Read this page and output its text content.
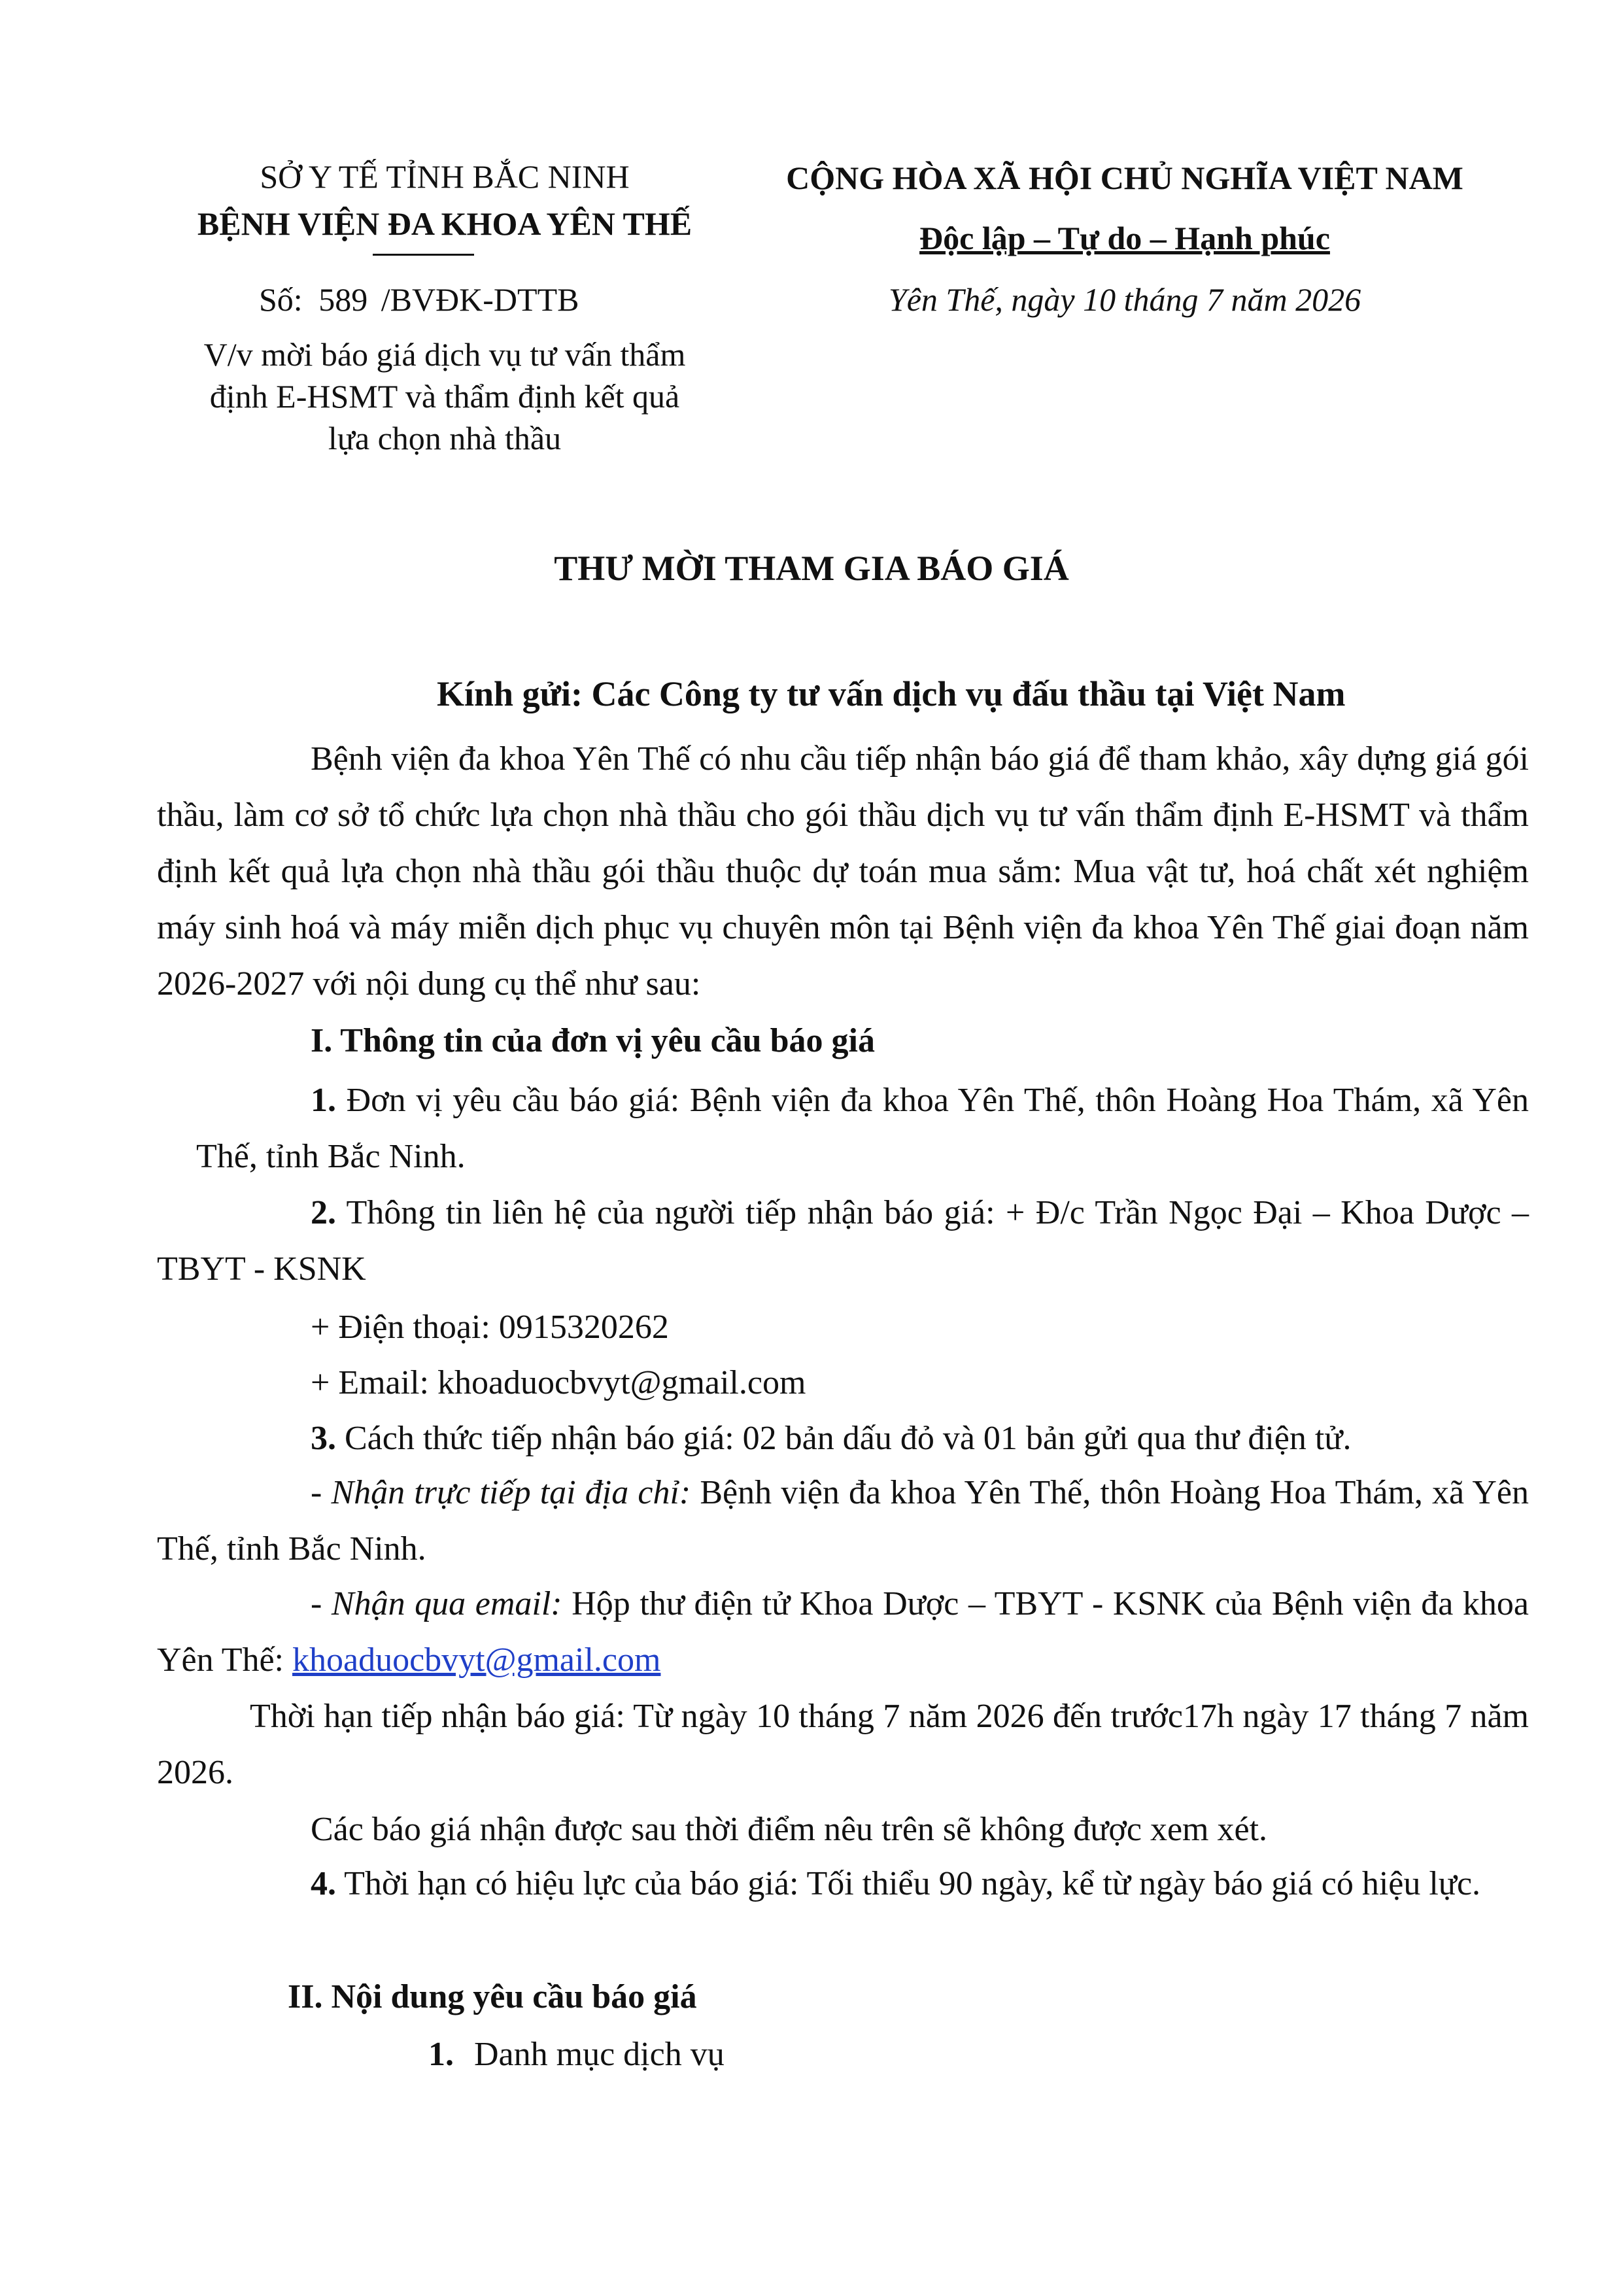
SỞ Y TẾ TỈNH BẮC NINH
BỆNH VIỆN ĐA KHOA YÊN THẾ
Số: 589 /BVĐK-DTTB
V/v mời báo giá dịch vụ tư vấn thẩm
định E-HSMT và thẩm định kết quả
lựa chọn nhà thầu
CỘNG HÒA XÃ HỘI CHỦ NGHĨA VIỆT NAM
Độc lập – Tự do – Hạnh phúc
Yên Thế, ngày 10 tháng 7 năm 2026
THƯ MỜI THAM GIA BÁO GIÁ
Kính gửi: Các Công ty tư vấn dịch vụ đấu thầu tại Việt Nam
Bệnh viện đa khoa Yên Thế có nhu cầu tiếp nhận báo giá để tham khảo, xây dựng giá gói thầu, làm cơ sở tổ chức lựa chọn nhà thầu cho gói thầu dịch vụ tư vấn thẩm định E-HSMT và thẩm định kết quả lựa chọn nhà thầu gói thầu thuộc dự toán mua sắm: Mua vật tư, hoá chất xét nghiệm máy sinh hoá và máy miễn dịch phục vụ chuyên môn tại Bệnh viện đa khoa Yên Thế giai đoạn năm 2026-2027 với nội dung cụ thể như sau:
I. Thông tin của đơn vị yêu cầu báo giá
1. Đơn vị yêu cầu báo giá: Bệnh viện đa khoa Yên Thế, thôn Hoàng Hoa Thám, xã Yên Thế, tỉnh Bắc Ninh.
2. Thông tin liên hệ của người tiếp nhận báo giá: + Đ/c Trần Ngọc Đại – Khoa Dược – TBYT - KSNK
+ Điện thoại: 0915320262
+ Email: khoaduocbvyt@gmail.com
3. Cách thức tiếp nhận báo giá: 02 bản dấu đỏ và 01 bản gửi qua thư điện tử.
- Nhận trực tiếp tại địa chỉ: Bệnh viện đa khoa Yên Thế, thôn Hoàng Hoa Thám, xã Yên Thế, tỉnh Bắc Ninh.
- Nhận qua email: Hộp thư điện tử Khoa Dược – TBYT - KSNK của Bệnh viện đa khoa Yên Thế: khoaduocbvyt@gmail.com
Thời hạn tiếp nhận báo giá: Từ ngày 10 tháng 7 năm 2026 đến trước17h ngày 17 tháng 7 năm 2026.
Các báo giá nhận được sau thời điểm nêu trên sẽ không được xem xét.
4. Thời hạn có hiệu lực của báo giá: Tối thiểu 90 ngày, kể từ ngày báo giá có hiệu lực.
II. Nội dung yêu cầu báo giá
1. Danh mục dịch vụ
